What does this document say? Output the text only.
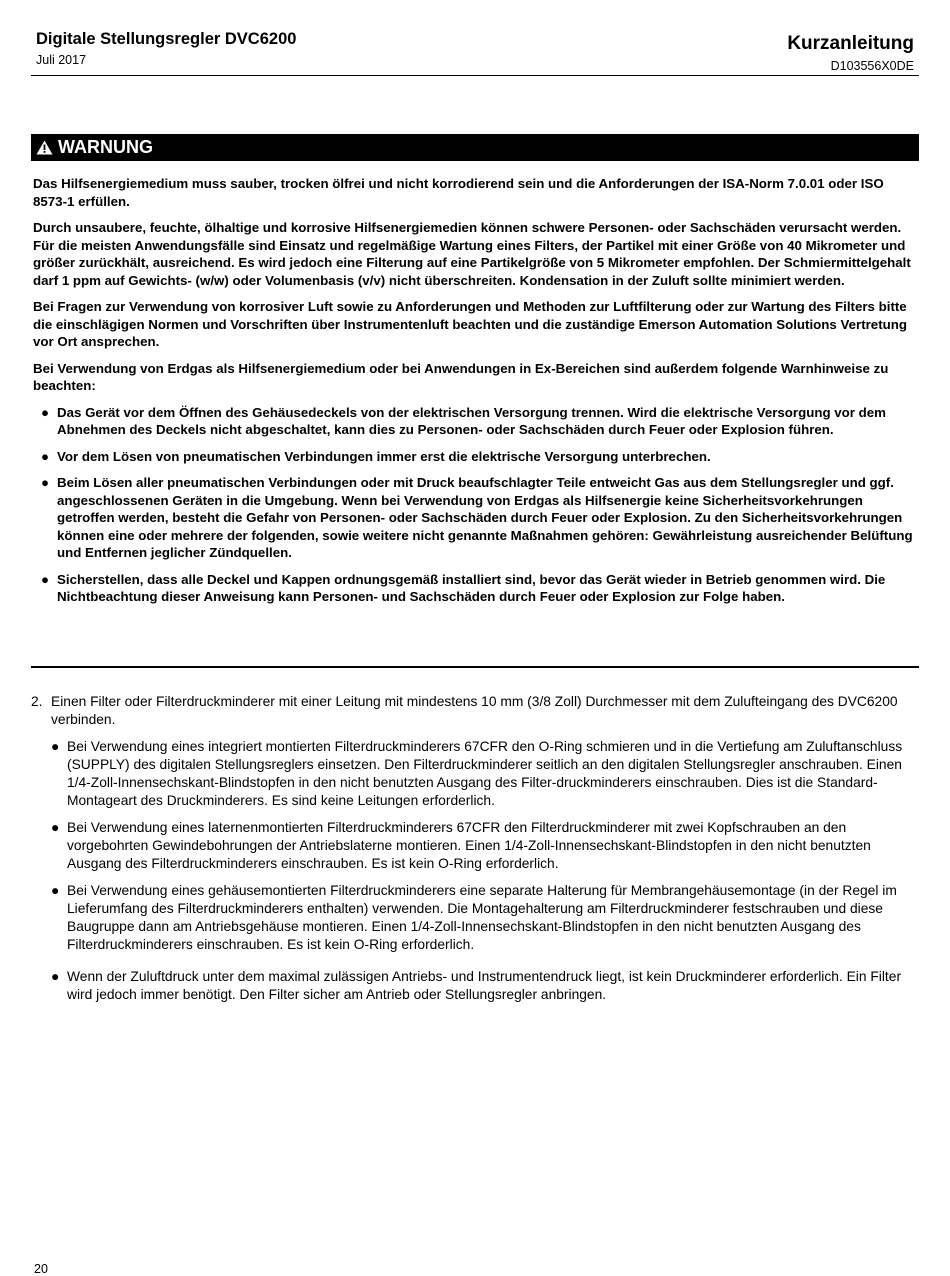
Digitale Stellungsregler DVC6200
Juli 2017
Kurzanleitung
D103556X0DE
WARNUNG

Das Hilfsenergiemedium muss sauber, trocken ölfrei und nicht korrodierend sein und die Anforderungen der ISA-Norm 7.0.01 oder ISO 8573-1 erfüllen.

Durch unsaubere, feuchte, ölhaltige und korrosive Hilfsenergiemedien können schwere Personen- oder Sachschäden verursacht werden. Für die meisten Anwendungsfälle sind Einsatz und regelmäßige Wartung eines Filters, der Partikel mit einer Größe von 40 Mikrometer und größer zurückhält, ausreichend. Es wird jedoch eine Filterung auf eine Partikelgröße von 5 Mikrometer empfohlen. Der Schmiermittelgehalt darf 1 ppm auf Gewichts- (w/w) oder Volumenbasis (v/v) nicht überschreiten. Kondensation in der Zuluft sollte minimiert werden.

Bei Fragen zur Verwendung von korrosiver Luft sowie zu Anforderungen und Methoden zur Luftfilterung oder zur Wartung des Filters bitte die einschlägigen Normen und Vorschriften über Instrumentenluft beachten und die zuständige Emerson Automation Solutions Vertretung vor Ort ansprechen.

Bei Verwendung von Erdgas als Hilfsenergiemedium oder bei Anwendungen in Ex-Bereichen sind außerdem folgende Warnhinweise zu beachten:

● Das Gerät vor dem Öffnen des Gehäusedeckels von der elektrischen Versorgung trennen. Wird die elektrische Versorgung vor dem Abnehmen des Deckels nicht abgeschaltet, kann dies zu Personen- oder Sachschäden durch Feuer oder Explosion führen.
● Vor dem Lösen von pneumatischen Verbindungen immer erst die elektrische Versorgung unterbrechen.
● Beim Lösen aller pneumatischen Verbindungen oder mit Druck beaufschlagter Teile entweicht Gas aus dem Stellungsregler und ggf. angeschlossenen Geräten in die Umgebung. Wenn bei Verwendung von Erdgas als Hilfsenergie keine Sicherheitsvorkehrungen getroffen werden, besteht die Gefahr von Personen- oder Sachschäden durch Feuer oder Explosion. Zu den Sicherheitsvorkehrungen können eine oder mehrere der folgenden, sowie weitere nicht genannte Maßnahmen gehören: Gewährleistung ausreichender Belüftung und Entfernen jeglicher Zündquellen.
● Sicherstellen, dass alle Deckel und Kappen ordnungsgemäß installiert sind, bevor das Gerät wieder in Betrieb genommen wird. Die Nichtbeachtung dieser Anweisung kann Personen- und Sachschäden durch Feuer oder Explosion zur Folge haben.
2. Einen Filter oder Filterdruckminderer mit einer Leitung mit mindestens 10 mm (3/8 Zoll) Durchmesser mit dem Zulufteingang des DVC6200 verbinden.
● Bei Verwendung eines integriert montierten Filterdruckminderers 67CFR den O-Ring schmieren und in die Vertiefung am Zuluftanschluss (SUPPLY) des digitalen Stellungsreglers einsetzen. Den Filterdruckminderer seitlich an den digitalen Stellungsregler anschrauben. Einen 1/4-Zoll-Innensechskant-Blindstopfen in den nicht benutzten Ausgang des Filter-druckminderers einschrauben. Dies ist die Standard-Montageart des Druckminderers. Es sind keine Leitungen erforderlich.
● Bei Verwendung eines laternenmontierten Filterdruckminderers 67CFR den Filterdruckminderer mit zwei Kopfschrauben an den vorgebohrten Gewindebohrungen der Antriebslaterne montieren. Einen 1/4-Zoll-Innensechskant-Blindstopfen in den nicht benutzten Ausgang des Filterdruckminderers einschrauben. Es ist kein O-Ring erforderlich.
● Bei Verwendung eines gehäusemontierten Filterdruckminderers eine separate Halterung für Membrangehäusemontage (in der Regel im Lieferumfang des Filterdruckminderers enthalten) verwenden. Die Montagehalterung am Filterdruckminderer festschrauben und diese Baugruppe dann am Antriebsgehäuse montieren. Einen 1/4-Zoll-Innensechskant-Blindstopfen in den nicht benutzten Ausgang des Filterdruckminderers einschrauben. Es ist kein O-Ring erforderlich.
● Wenn der Zuluftdruck unter dem maximal zulässigen Antriebs- und Instrumentendruck liegt, ist kein Druckminderer erforderlich. Ein Filter wird jedoch immer benötigt. Den Filter sicher am Antrieb oder Stellungsregler anbringen.
20
